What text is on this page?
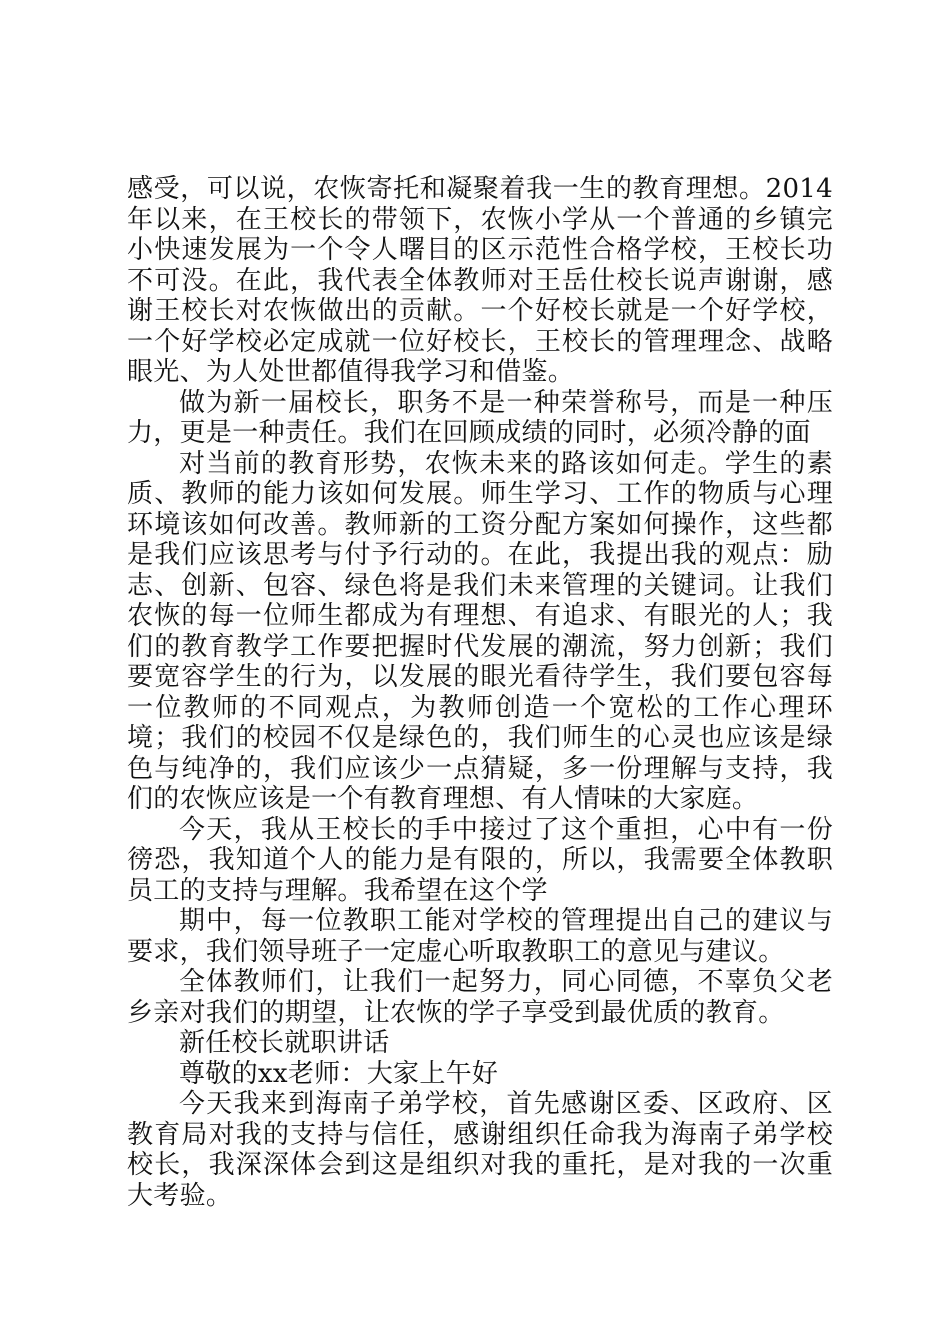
感受，可以说，农恢寄托和凝聚着我一生的教育理想。2014年以来，在王校长的带领下，农恢小学从一个普通的乡镇完小快速发展为一个令人曙目的区示范性合格学校，王校长功不可没。在此，我代表全体教师对王岳仕校长说声谢谢，感谢王校长对农恢做出的贡献。一个好校长就是一个好学校，一个好学校必定成就一位好校长，王校长的管理理念、战略眼光、为人处世都值得我学习和借鉴。

做为新一届校长，职务不是一种荣誉称号，而是一种压力，更是一种责任。我们在回顾成绩的同时，必须冷静的面

对当前的教育形势，农恢未来的路该如何走。学生的素质、教师的能力该如何发展。师生学习、工作的物质与心理环境该如何改善。教师新的工资分配方案如何操作，这些都是我们应该思考与付予行动的。在此，我提出我的观点：励志、创新、包容、绿色将是我们未来管理的关键词。让我们农恢的每一位师生都成为有理想、有追求、有眼光的人；我们的教育教学工作要把握时代发展的潮流，努力创新；我们要宽容学生的行为，以发展的眼光看待学生，我们要包容每一位教师的不同观点，为教师创造一个宽松的工作心理环境；我们的校园不仅是绿色的，我们师生的心灵也应该是绿色与纯净的，我们应该少一点猜疑，多一份理解与支持，我们的农恢应该是一个有教育理想、有人情味的大家庭。

今天，我从王校长的手中接过了这个重担，心中有一份徬恐，我知道个人的能力是有限的，所以，我需要全体教职员工的支持与理解。我希望在这个学

期中，每一位教职工能对学校的管理提出自己的建议与要求，我们领导班子一定虚心听取教职工的意见与建议。

全体教师们，让我们一起努力，同心同德，不辜负父老乡亲对我们的期望，让农恢的学子享受到最优质的教育。

新任校长就职讲话

尊敬的xx老师：大家上午好

今天我来到海南子弟学校，首先感谢区委、区政府、区教育局对我的支持与信任，感谢组织任命我为海南子弟学校校长，我深深体会到这是组织对我的重托，是对我的一次重大考验。
